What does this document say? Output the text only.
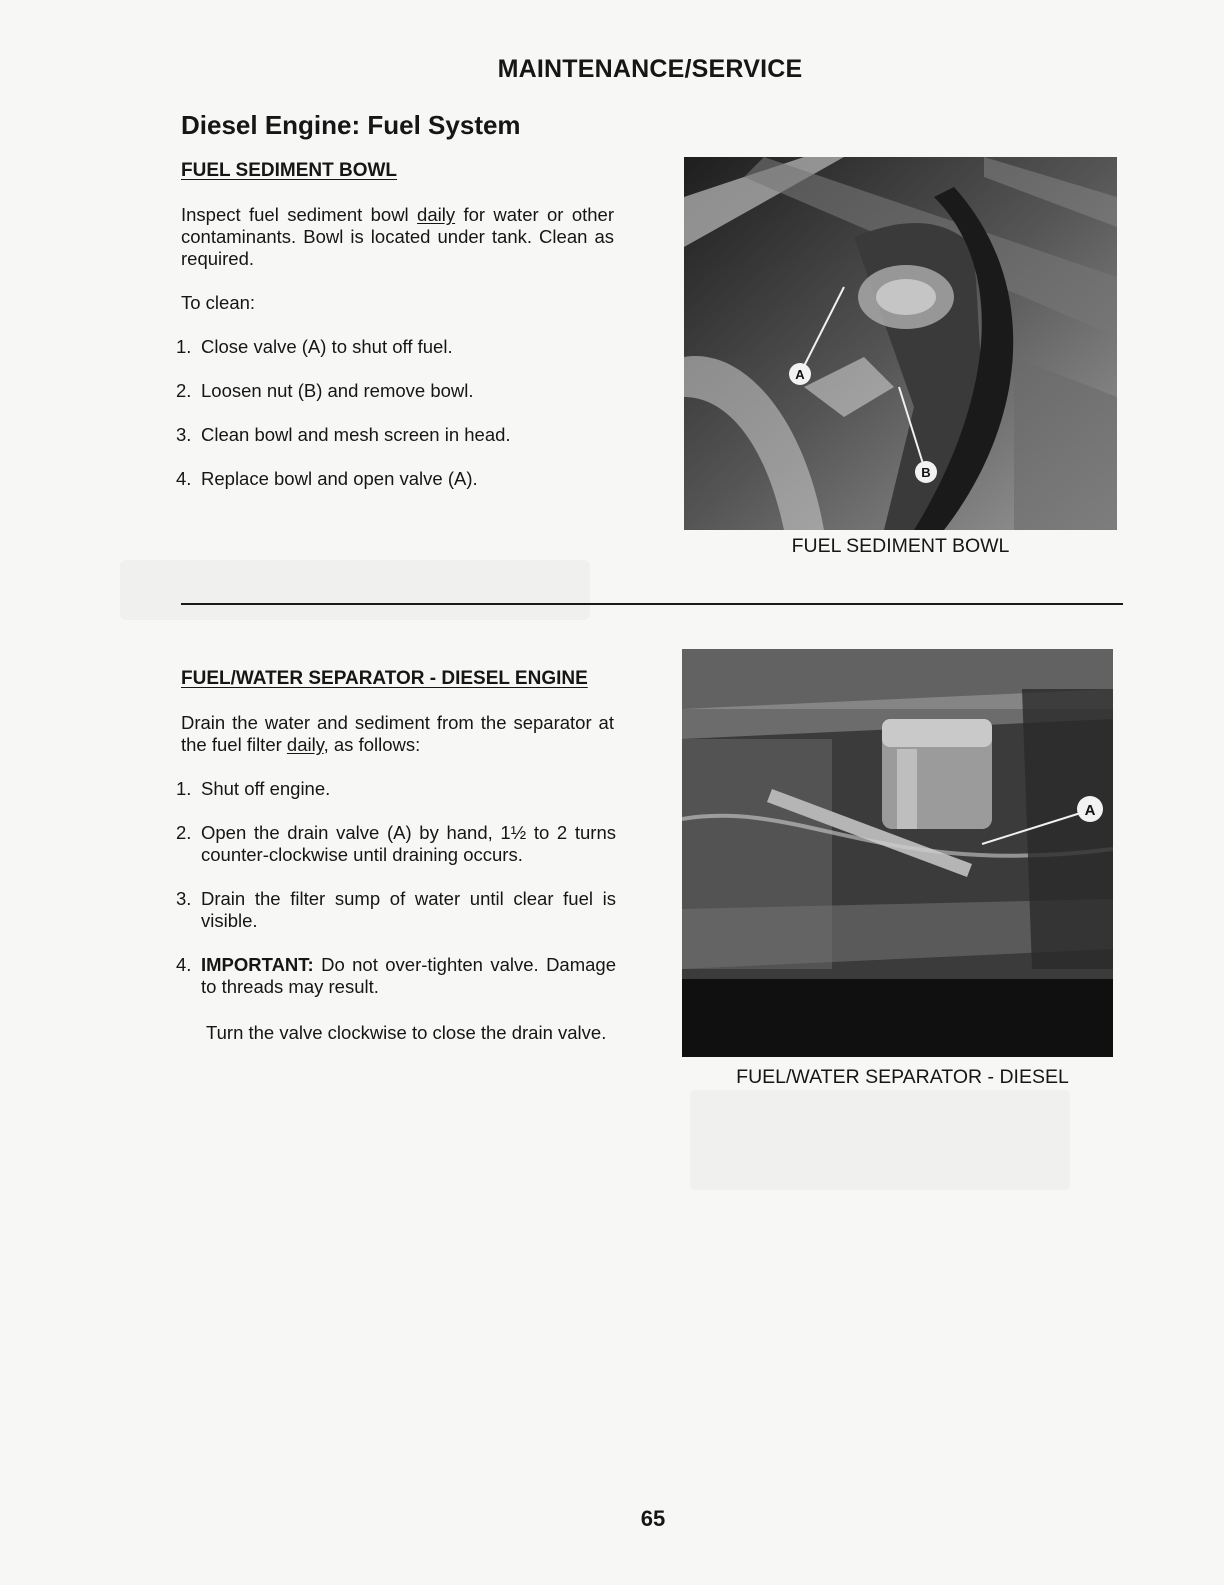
MAINTENANCE/SERVICE
Diesel Engine: Fuel System
FUEL SEDIMENT BOWL
Inspect fuel sediment bowl daily for water or other contaminants. Bowl is located under tank. Clean as required.
To clean:
1. Close valve (A) to shut off fuel.
2. Loosen nut (B) and remove bowl.
3. Clean bowl and mesh screen in head.
4. Replace bowl and open valve (A).
A
B
FUEL SEDIMENT BOWL
FUEL/WATER SEPARATOR - DIESEL ENGINE
Drain the water and sediment from the separator at the fuel filter daily, as follows:
1. Shut off engine.
2. Open the drain valve (A) by hand, 1½ to 2 turns counter-clockwise until draining occurs.
3. Drain the filter sump of water until clear fuel is visible.
4. IMPORTANT: Do not over-tighten valve. Damage to threads may result.
Turn the valve clockwise to close the drain valve.
A
FUEL/WATER SEPARATOR - DIESEL
65
